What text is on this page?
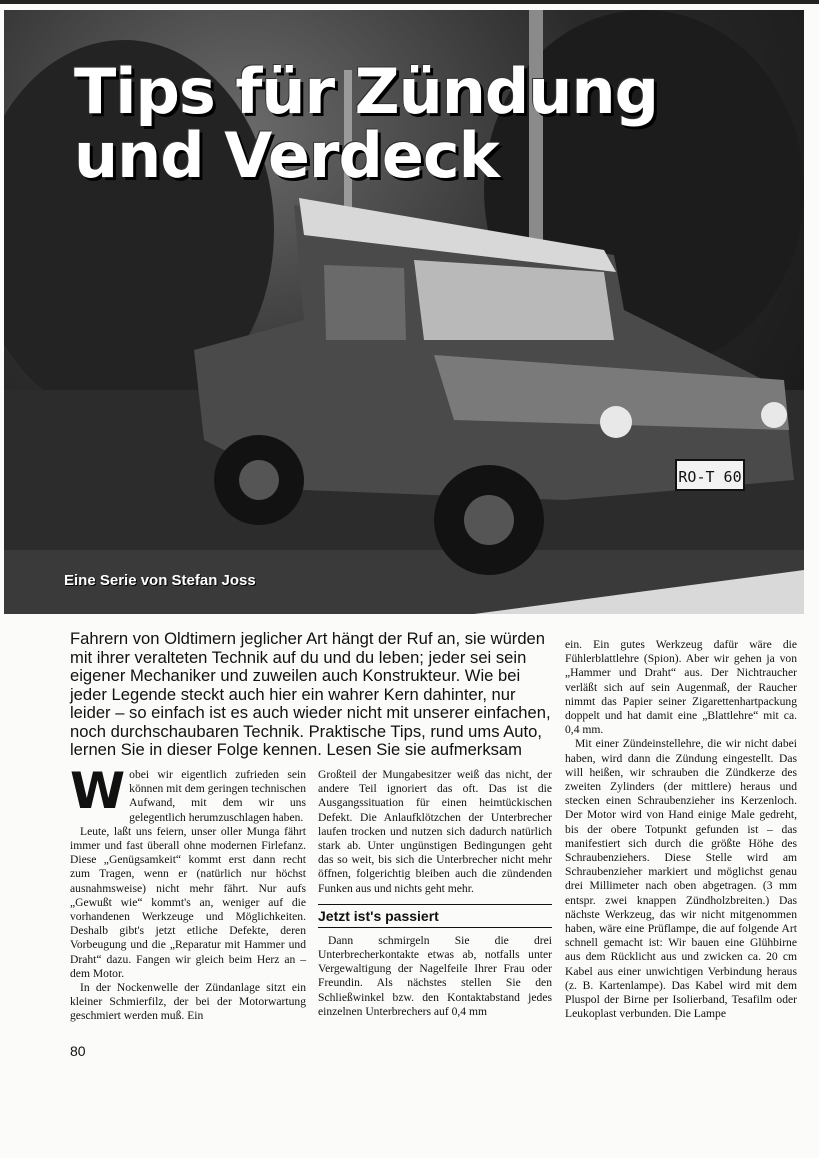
RO-T 60
Tips für Zündung
und Verdeck
Eine Serie von Stefan Joss

Fahrern von Oldtimern jeglicher Art hängt der Ruf an, sie würden mit ihrer veralteten Technik auf du und du leben; jeder sei sein eigener Mechaniker und zuweilen auch Konstrukteur. Wie bei jeder Legende steckt auch hier ein wahrer Kern dahinter, nur leider – so einfach ist es auch wieder nicht mit unserer einfachen, noch durchschaubaren Technik. Praktische Tips, rund ums Auto, lernen Sie in dieser Folge kennen. Lesen Sie sie aufmerksam

Wobei wir eigentlich zufrieden sein können mit dem geringen technischen Aufwand, mit dem wir uns gelegentlich herumzuschlagen haben.

Leute, laßt uns feiern, unser oller Munga fährt immer und fast überall ohne modernen Firlefanz. Diese „Genügsamkeit“ kommt erst dann recht zum Tragen, wenn er (natürlich nur höchst ausnahmsweise) nicht mehr fährt. Nur aufs „Gewußt wie“ kommt's an, weniger auf die vorhandenen Werkzeuge und Möglichkeiten. Deshalb gibt's jetzt etliche Defekte, deren Vorbeugung und die „Reparatur mit Hammer und Draht“ dazu. Fangen wir gleich beim Herz an – dem Motor.

In der Nockenwelle der Zündanlage sitzt ein kleiner Schmierfilz, der bei der Motorwartung geschmiert werden muß. Ein

Großteil der Mungabesitzer weiß das nicht, der andere Teil ignoriert das oft. Das ist die Ausgangssituation für einen heimtückischen Defekt. Die Anlaufklötzchen der Unterbrecher laufen trocken und nutzen sich dadurch natürlich stark ab. Unter ungünstigen Bedingungen geht das so weit, bis sich die Unterbrecher nicht mehr öffnen, folgerichtig bleiben auch die zündenden Funken aus und nichts geht mehr.

Jetzt ist's passiert

Dann schmirgeln Sie die drei Unterbrecherkontakte etwas ab, notfalls unter Vergewaltigung der Nagelfeile Ihrer Frau oder Freundin. Als nächstes stellen Sie den Schließwinkel bzw. den Kontaktabstand jedes einzelnen Unterbrechers auf 0,4 mm

ein. Ein gutes Werkzeug dafür wäre die Fühlerblattlehre (Spion). Aber wir gehen ja von „Hammer und Draht“ aus. Der Nichtraucher verläßt sich auf sein Augenmaß, der Raucher nimmt das Papier seiner Zigarettenhartpackung doppelt und hat damit eine „Blattlehre“ mit ca. 0,4 mm.

Mit einer Zündeinstellehre, die wir nicht dabei haben, wird dann die Zündung eingestellt. Das will heißen, wir schrauben die Zündkerze des zweiten Zylinders (der mittlere) heraus und stecken einen Schraubenzieher ins Kerzenloch. Der Motor wird von Hand einige Male gedreht, bis der obere Totpunkt gefunden ist – das manifestiert sich durch die größte Höhe des Schraubenziehers. Diese Stelle wird am Schraubenzieher markiert und möglichst genau drei Millimeter nach oben abgetragen. (3 mm entspr. zwei knappen Zündholzbreiten.) Das nächste Werkzeug, das wir nicht mitgenommen haben, wäre eine Prüflampe, die auf folgende Art schnell gemacht ist: Wir bauen eine Glühbirne aus dem Rücklicht aus und zwicken ca. 20 cm Kabel aus einer unwichtigen Verbindung heraus (z. B. Kartenlampe). Das Kabel wird mit dem Pluspol der Birne per Isolierband, Tesafilm oder Leukoplast verbunden. Die Lampe

80
